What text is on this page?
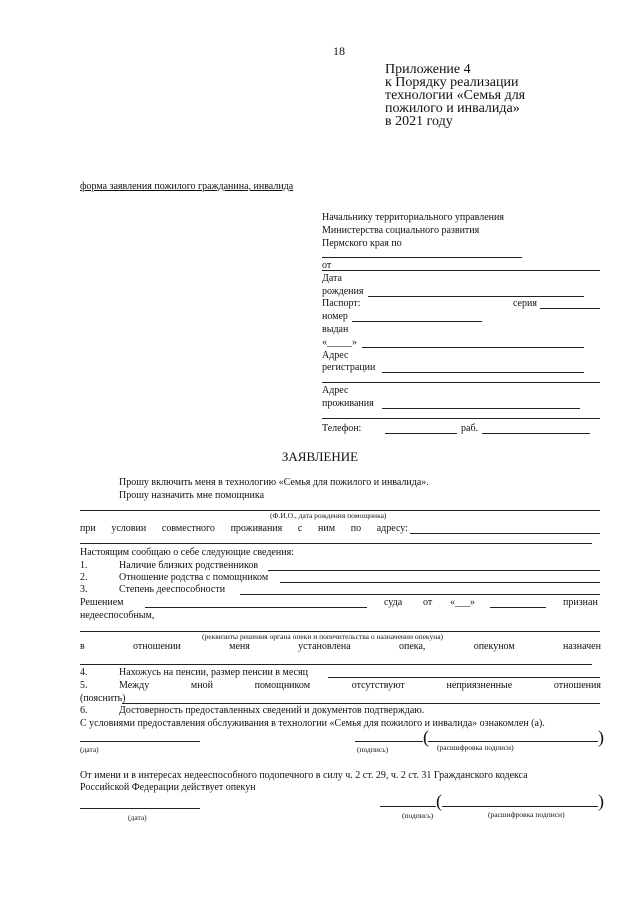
18
Приложение 4
к Порядку реализации
технологии «Семья для
пожилого и инвалида»
в 2021 году
форма заявления пожилого гражданина, инвалида
Начальнику территориального управления
Министерства социального развития
Пермского края по
от
Дата
рождения
Паспорт:	серия
номер
выдан
«_____»
Адрес
регистрации
Адрес
проживания
Телефон:	раб.
ЗАЯВЛЕНИЕ
Прошу включить меня в технологию «Семья для пожилого и инвалида».
Прошу назначить мне помощника
(Ф.И.О., дата рождения помощника)
при условии совместного проживания с ним по адресу:
Настоящим сообщаю о себе следующие сведения:
1.	Наличие близких родственников
2.	Отношение родства с помощником
3.	Степень дееспособности
Решением	суда от «___»	признан
недееспособным,
(реквизиты решения органа опеки и попечительства о назначении опекуна)
в	отношении	меня	установлена	опека,	опекуном	назначен
4.	Нахожусь на пенсии, размер пенсии в месяц
5.	Между	мной	помощником	отсутствуют	неприязненные	отношения
(пояснить)
6.	Достоверность предоставленных сведений и документов подтверждаю.
С условиями предоставления обслуживания в технологии «Семья для пожилого и инвалида» ознакомлен (а).
(дата)	(подпись)
(	)
(расшифровка подписи)
От имени и в интересах недееспособного подопечного в силу ч. 2 ст. 29, ч. 2 ст. 31 Гражданского кодекса
Российской Федерации действует опекун
(дата)	(подпись)
(	)
(расшифровка подписи)
